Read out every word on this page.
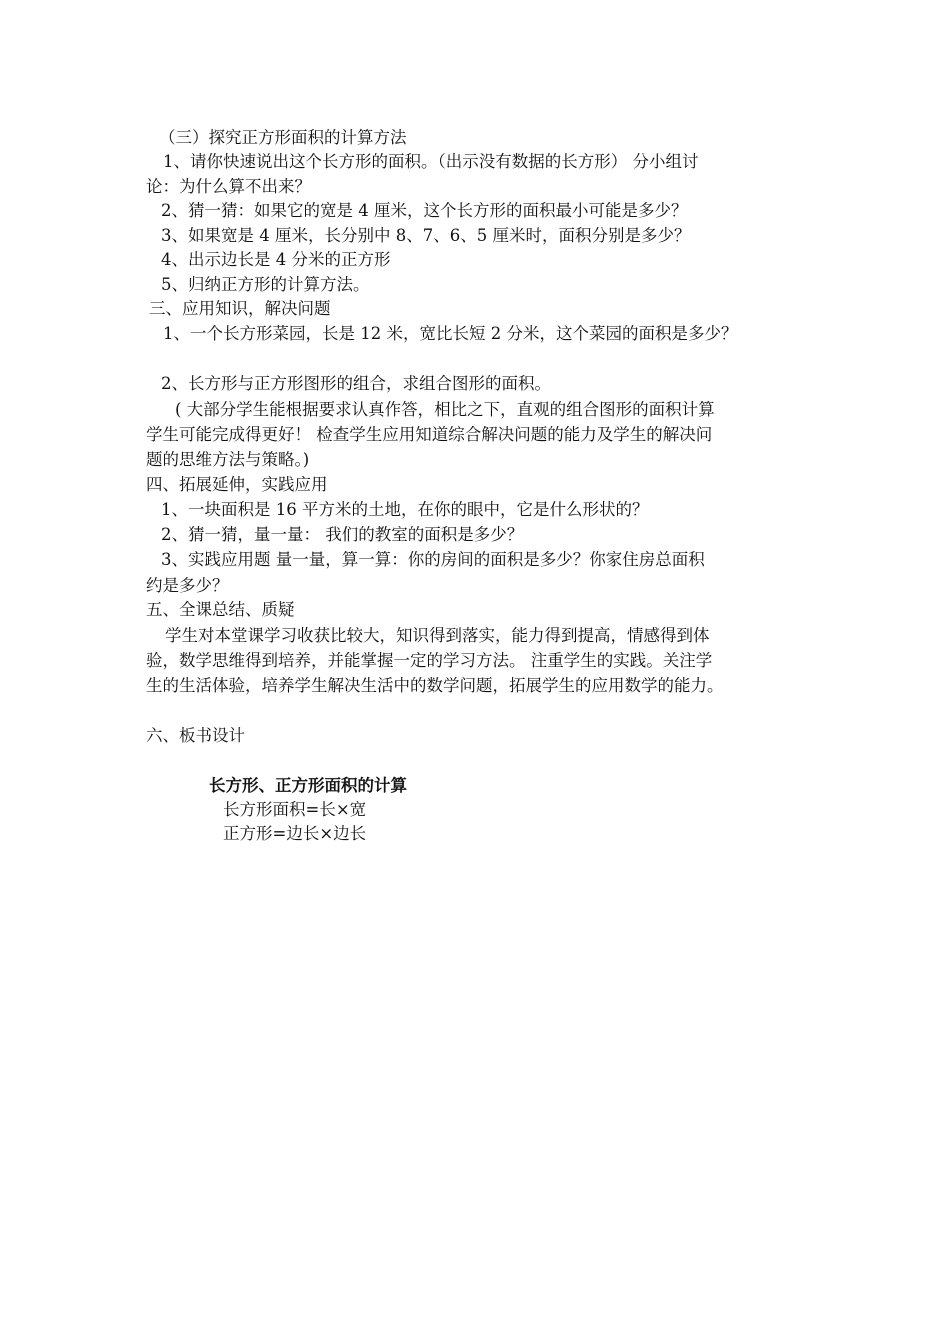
（三）探究正方形面积的计算方法
1、请你快速说出这个长方形的面积。（出示没有数据的长方形） 分小组讨
论：为什么算不出来？
2、猜一猜：如果它的宽是 4 厘米，这个长方形的面积最小可能是多少？
3、如果宽是 4 厘米，长分别中 8、7、6、5 厘米时，面积分别是多少？
4、出示边长是 4 分米的正方形
5、归纳正方形的计算方法。
三、应用知识，解决问题
1、一个长方形菜园，长是 12 米，宽比长短 2 分米，这个菜园的面积是多少？
2、长方形与正方形图形的组合，求组合图形的面积。
( 大部分学生能根据要求认真作答，相比之下，直观的组合图形的面积计算
学生可能完成得更好！ 检查学生应用知道综合解决问题的能力及学生的解决问
题的思维方法与策略。)
四、拓展延伸，实践应用
1、一块面积是 16 平方米的土地，在你的眼中，它是什么形状的？
2、猜一猜，量一量： 我们的教室的面积是多少？
3、实践应用题 量一量，算一算：你的房间的面积是多少？你家住房总面积
约是多少？
五、全课总结、质疑
学生对本堂课学习收获比较大，知识得到落实，能力得到提高，情感得到体
验，数学思维得到培养，并能掌握一定的学习方法。 注重学生的实践。关注学
生的生活体验，培养学生解决生活中的数学问题，拓展学生的应用数学的能力。
六、板书设计
长方形、正方形面积的计算
长方形面积=长×宽
正方形=边长×边长
